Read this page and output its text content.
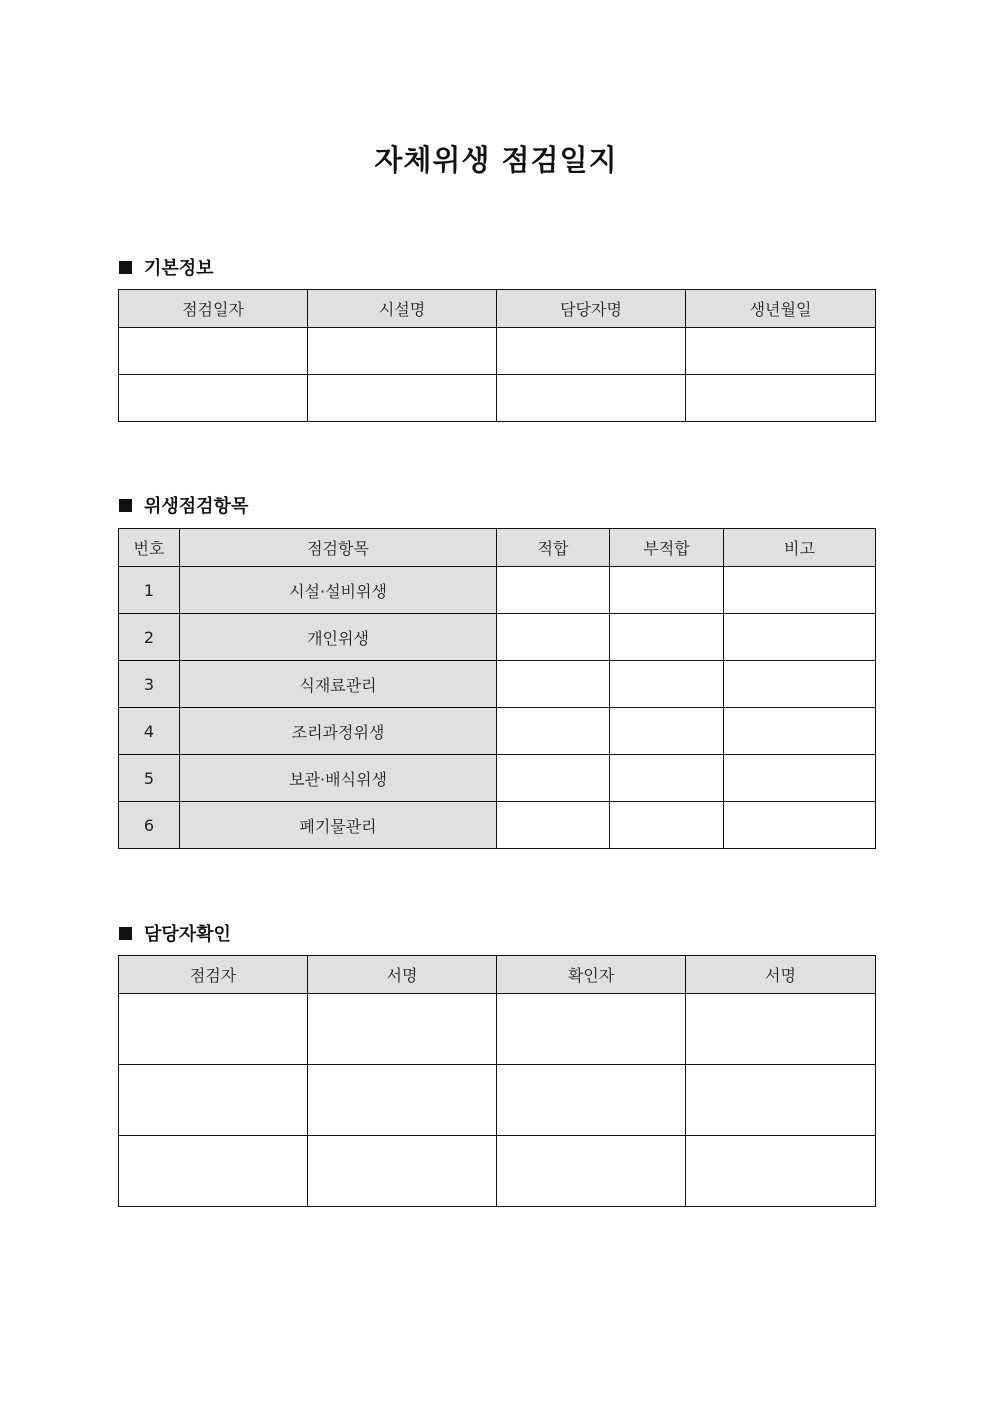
자체위생 점검일지
기본정보
점검일자	시설명	담당자명	생년월일

위생점검항목
번호	점검항목	적합	부적합	비고
1	시설·설비위생			
2	개인위생			
3	식재료관리			
4	조리과정위생			
5	보관·배식위생			
6	폐기물관리			
담당자확인
점검자	서명	확인자	서명
